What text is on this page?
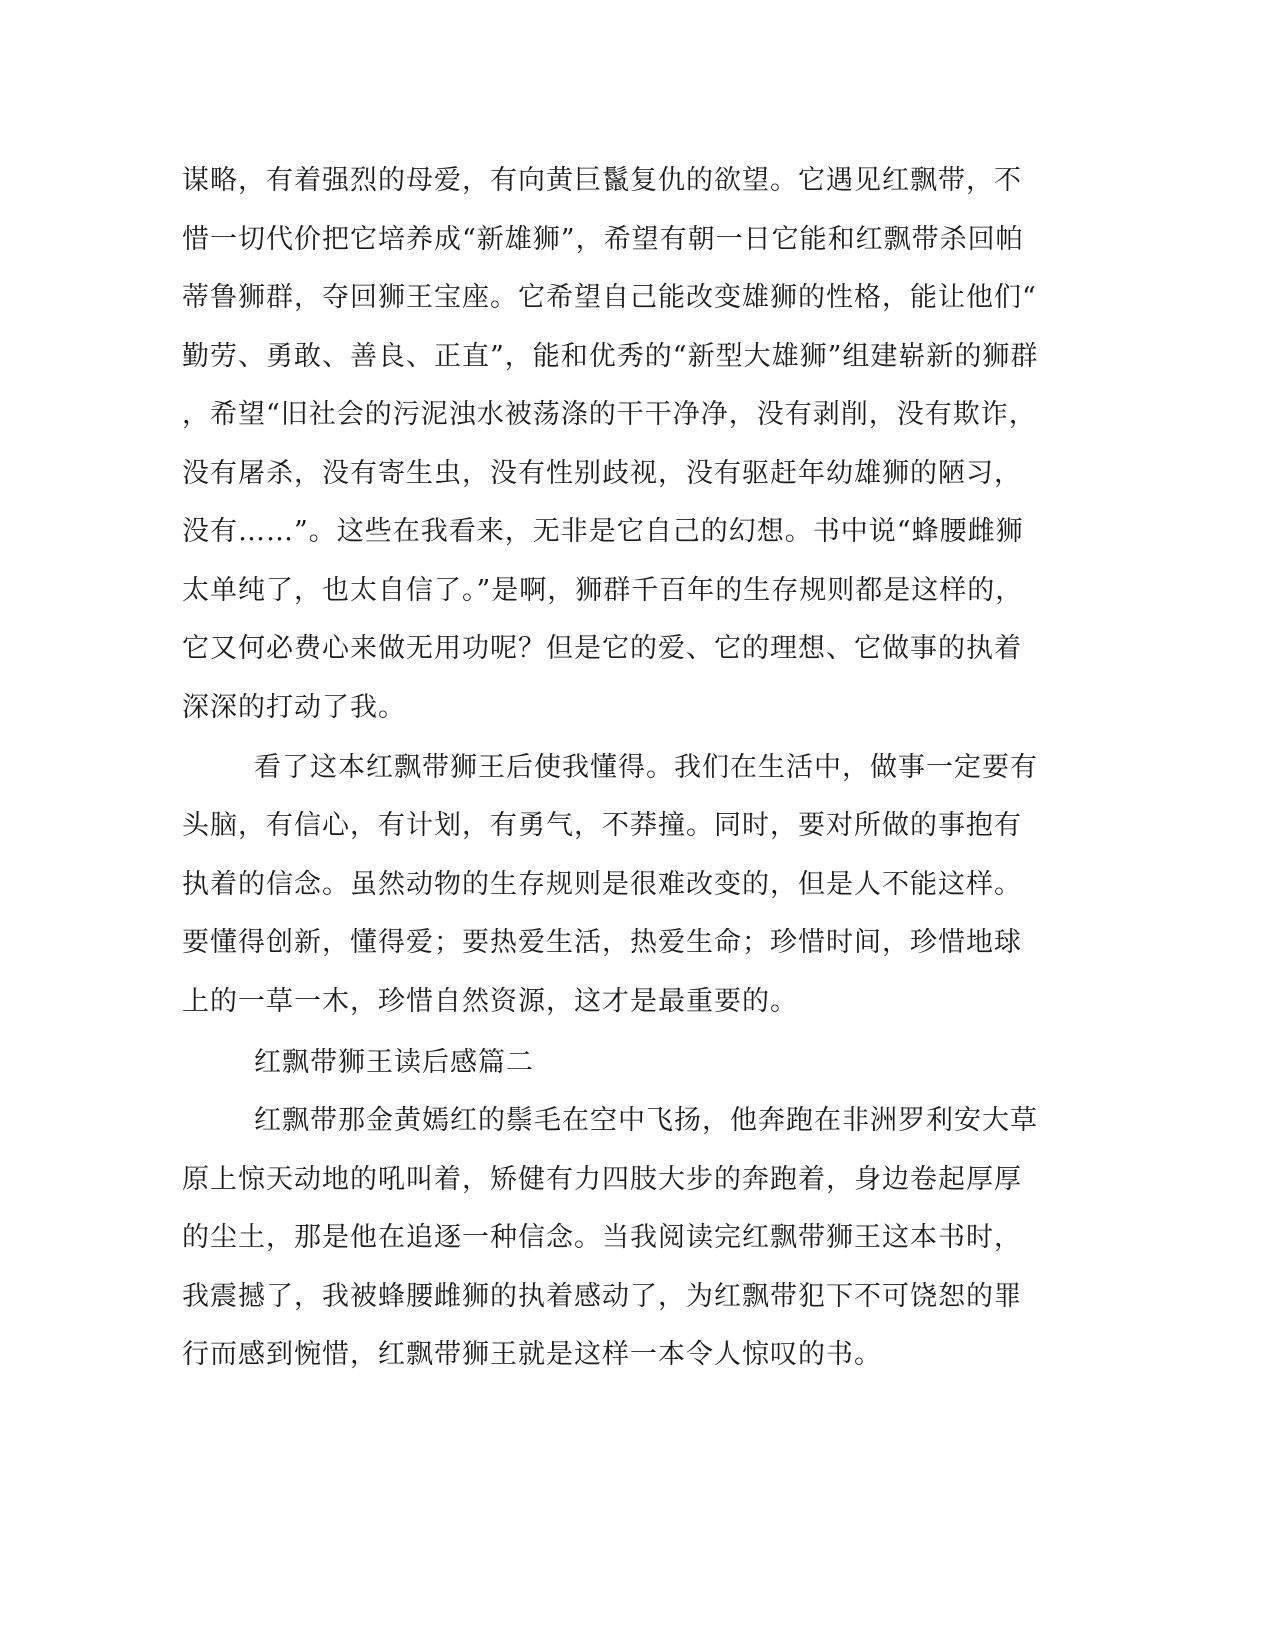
谋略，有着强烈的母爱，有向黄巨鬣复仇的欲望。它遇见红飘带，不
惜一切代价把它培养成“新雄狮”，希望有朝一日它能和红飘带杀回帕
蒂鲁狮群，夺回狮王宝座。它希望自己能改变雄狮的性格，能让他们“
勤劳、勇敢、善良、正直”，能和优秀的“新型大雄狮”组建崭新的狮群
，希望“旧社会的污泥浊水被荡涤的干干净净，没有剥削，没有欺诈，
没有屠杀，没有寄生虫，没有性别歧视，没有驱赶年幼雄狮的陋习，
没有……”。这些在我看来，无非是它自己的幻想。书中说“蜂腰雌狮
太单纯了，也太自信了。”是啊，狮群千百年的生存规则都是这样的，
它又何必费心来做无用功呢？但是它的爱、它的理想、它做事的执着
深深的打动了我。
看了这本红飘带狮王后使我懂得。我们在生活中，做事一定要有
头脑，有信心，有计划，有勇气，不莽撞。同时，要对所做的事抱有
执着的信念。虽然动物的生存规则是很难改变的，但是人不能这样。
要懂得创新，懂得爱；要热爱生活，热爱生命；珍惜时间，珍惜地球
上的一草一木，珍惜自然资源，这才是最重要的。
红飘带狮王读后感篇二
红飘带那金黄嫣红的鬃毛在空中飞扬，他奔跑在非洲罗利安大草
原上惊天动地的吼叫着，矫健有力四肢大步的奔跑着，身边卷起厚厚
的尘土，那是他在追逐一种信念。当我阅读完红飘带狮王这本书时，
我震撼了，我被蜂腰雌狮的执着感动了，为红飘带犯下不可饶恕的罪
行而感到惋惜，红飘带狮王就是这样一本令人惊叹的书。
